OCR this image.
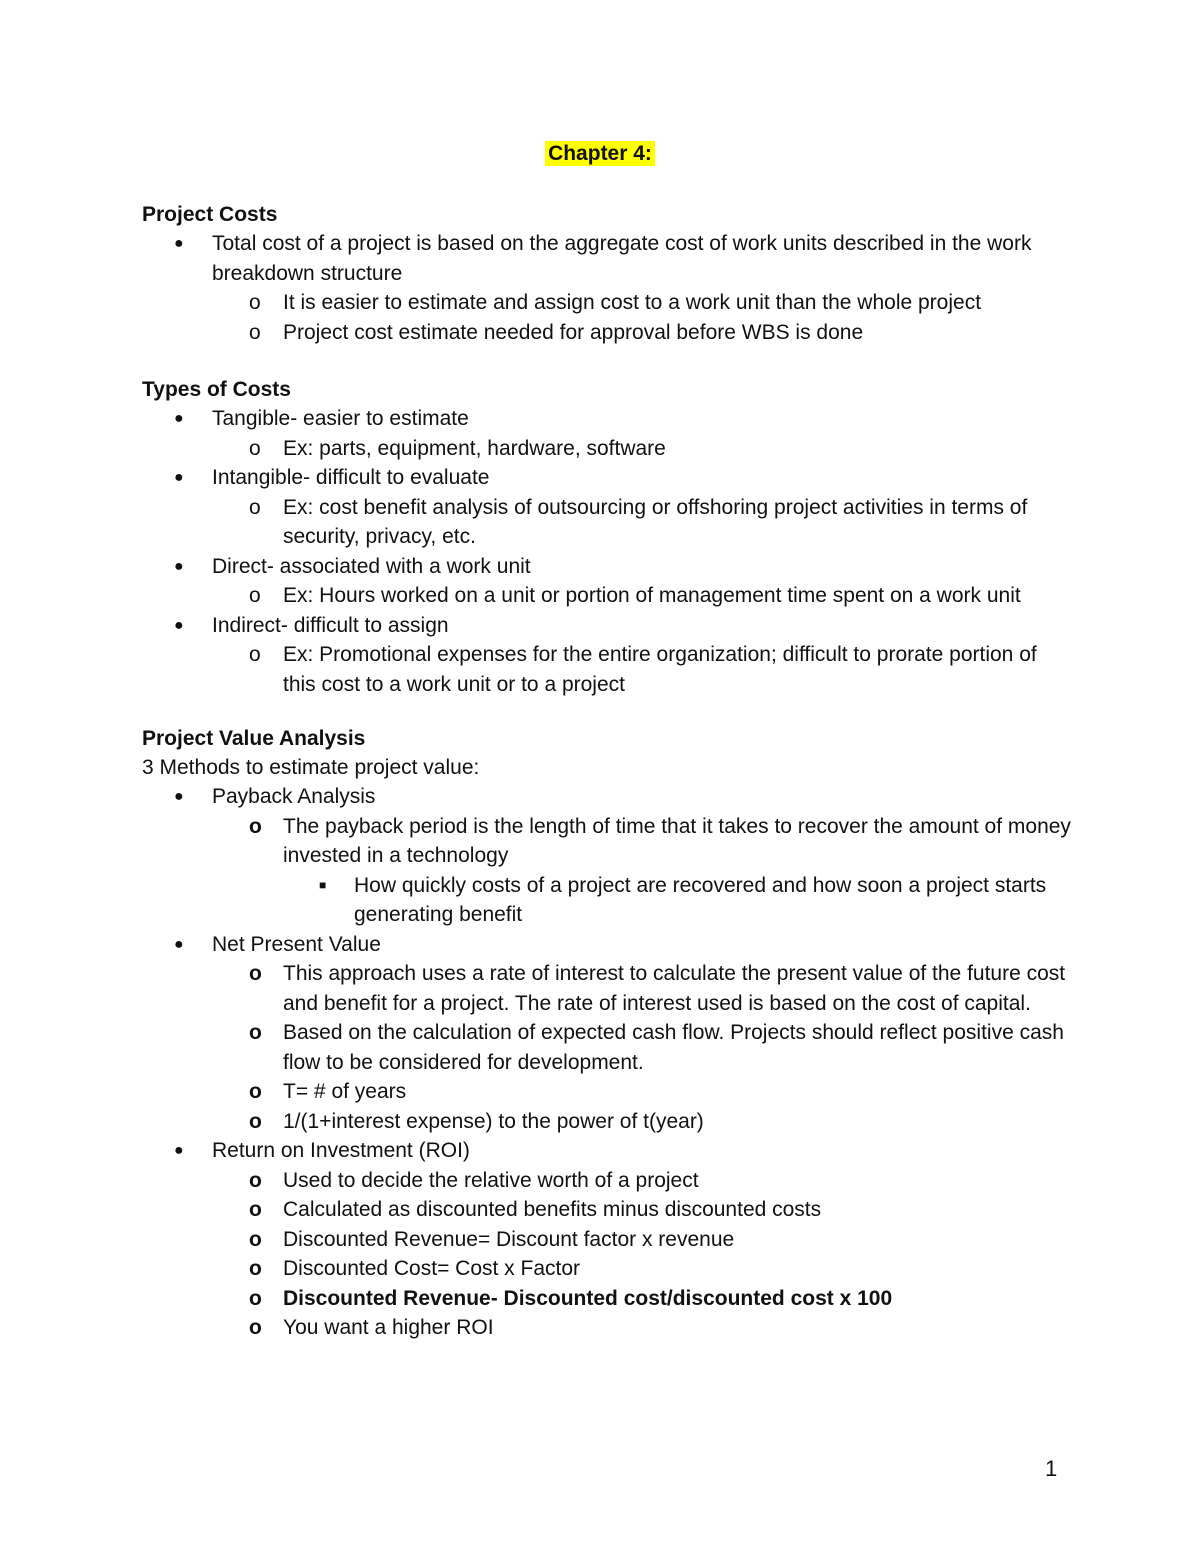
Chapter 4:
Project Costs
● Total cost of a project is based on the aggregate cost of work units described in the work breakdown structure
o It is easier to estimate and assign cost to a work unit than the whole project
o Project cost estimate needed for approval before WBS is done
Types of Costs
● Tangible- easier to estimate
o Ex: parts, equipment, hardware, software
● Intangible- difficult to evaluate
o Ex: cost benefit analysis of outsourcing or offshoring project activities in terms of security, privacy, etc.
● Direct- associated with a work unit
o Ex: Hours worked on a unit or portion of management time spent on a work unit
● Indirect- difficult to assign
o Ex: Promotional expenses for the entire organization; difficult to prorate portion of this cost to a work unit or to a project
Project Value Analysis
3 Methods to estimate project value:
● Payback Analysis
o The payback period is the length of time that it takes to recover the amount of money invested in a technology
■ How quickly costs of a project are recovered and how soon a project starts generating benefit
● Net Present Value
o This approach uses a rate of interest to calculate the present value of the future cost and benefit for a project. The rate of interest used is based on the cost of capital.
o Based on the calculation of expected cash flow. Projects should reflect positive cash flow to be considered for development.
o T= # of years
o 1/(1+interest expense) to the power of t(year)
● Return on Investment (ROI)
o Used to decide the relative worth of a project
o Calculated as discounted benefits minus discounted costs
o Discounted Revenue= Discount factor x revenue
o Discounted Cost= Cost x Factor
o Discounted Revenue- Discounted cost/discounted cost x 100
o You want a higher ROI
1
